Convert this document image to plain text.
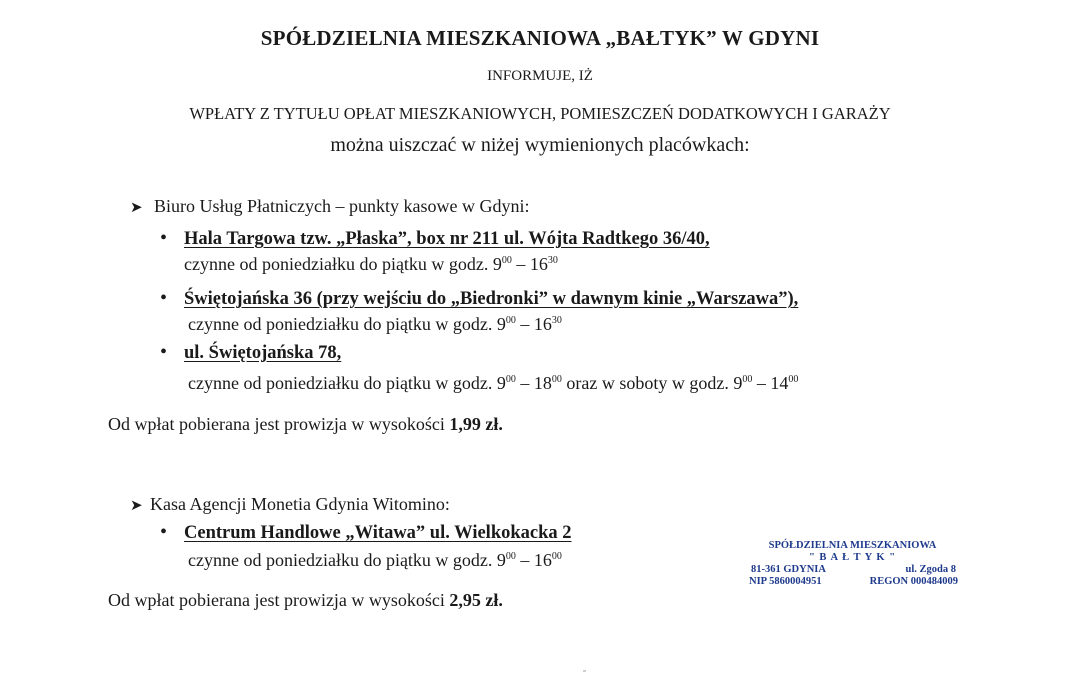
SPÓŁDZIELNIA MIESZKANIOWA „BAŁTYK” W GDYNI
INFORMUJE, IŻ
WPŁATY Z TYTUŁU OPŁAT MIESZKANIOWYCH, POMIESZCZEŃ DODATKOWYCH I GARAŻY
można uiszczać w niżej wymienionych placówkach:
➤ Biuro Usług Płatniczych – punkty kasowe w Gdyni:
• Hala Targowa tzw. „Płaska”, box nr 211 ul. Wójta Radtkego 36/40,
czynne od poniedziałku do piątku w godz. $9^{00} - 16^{30}$
• Świętojańska 36 (przy wejściu do „Biedronki” w dawnym kinie „Warszawa”),
czynne od poniedziałku do piątku w godz. $9^{00} - 16^{30}$
• ul. Świętojańska 78,
czynne od poniedziałku do piątku w godz. $9^{00} - 18^{00}$ oraz w soboty w godz. $9^{00} - 14^{00}$
Od wpłat pobierana jest prowizja w wysokości 1,99 zł.
➤ Kasa Agencji Monetia Gdynia Witomino:
• Centrum Handlowe „Witawa” ul. Wielkokacka 2
czynne od poniedziałku do piątku w godz. $9^{00} - 16^{00}$
Od wpłat pobierana jest prowizja w wysokości 2,95 zł.
SPÓŁDZIELNIA MIESZKANIOWA
" B A Ł T Y K "
81-361 GDYNIA	ul. Zgoda 8
NIP 5860004951	REGON 000484009
